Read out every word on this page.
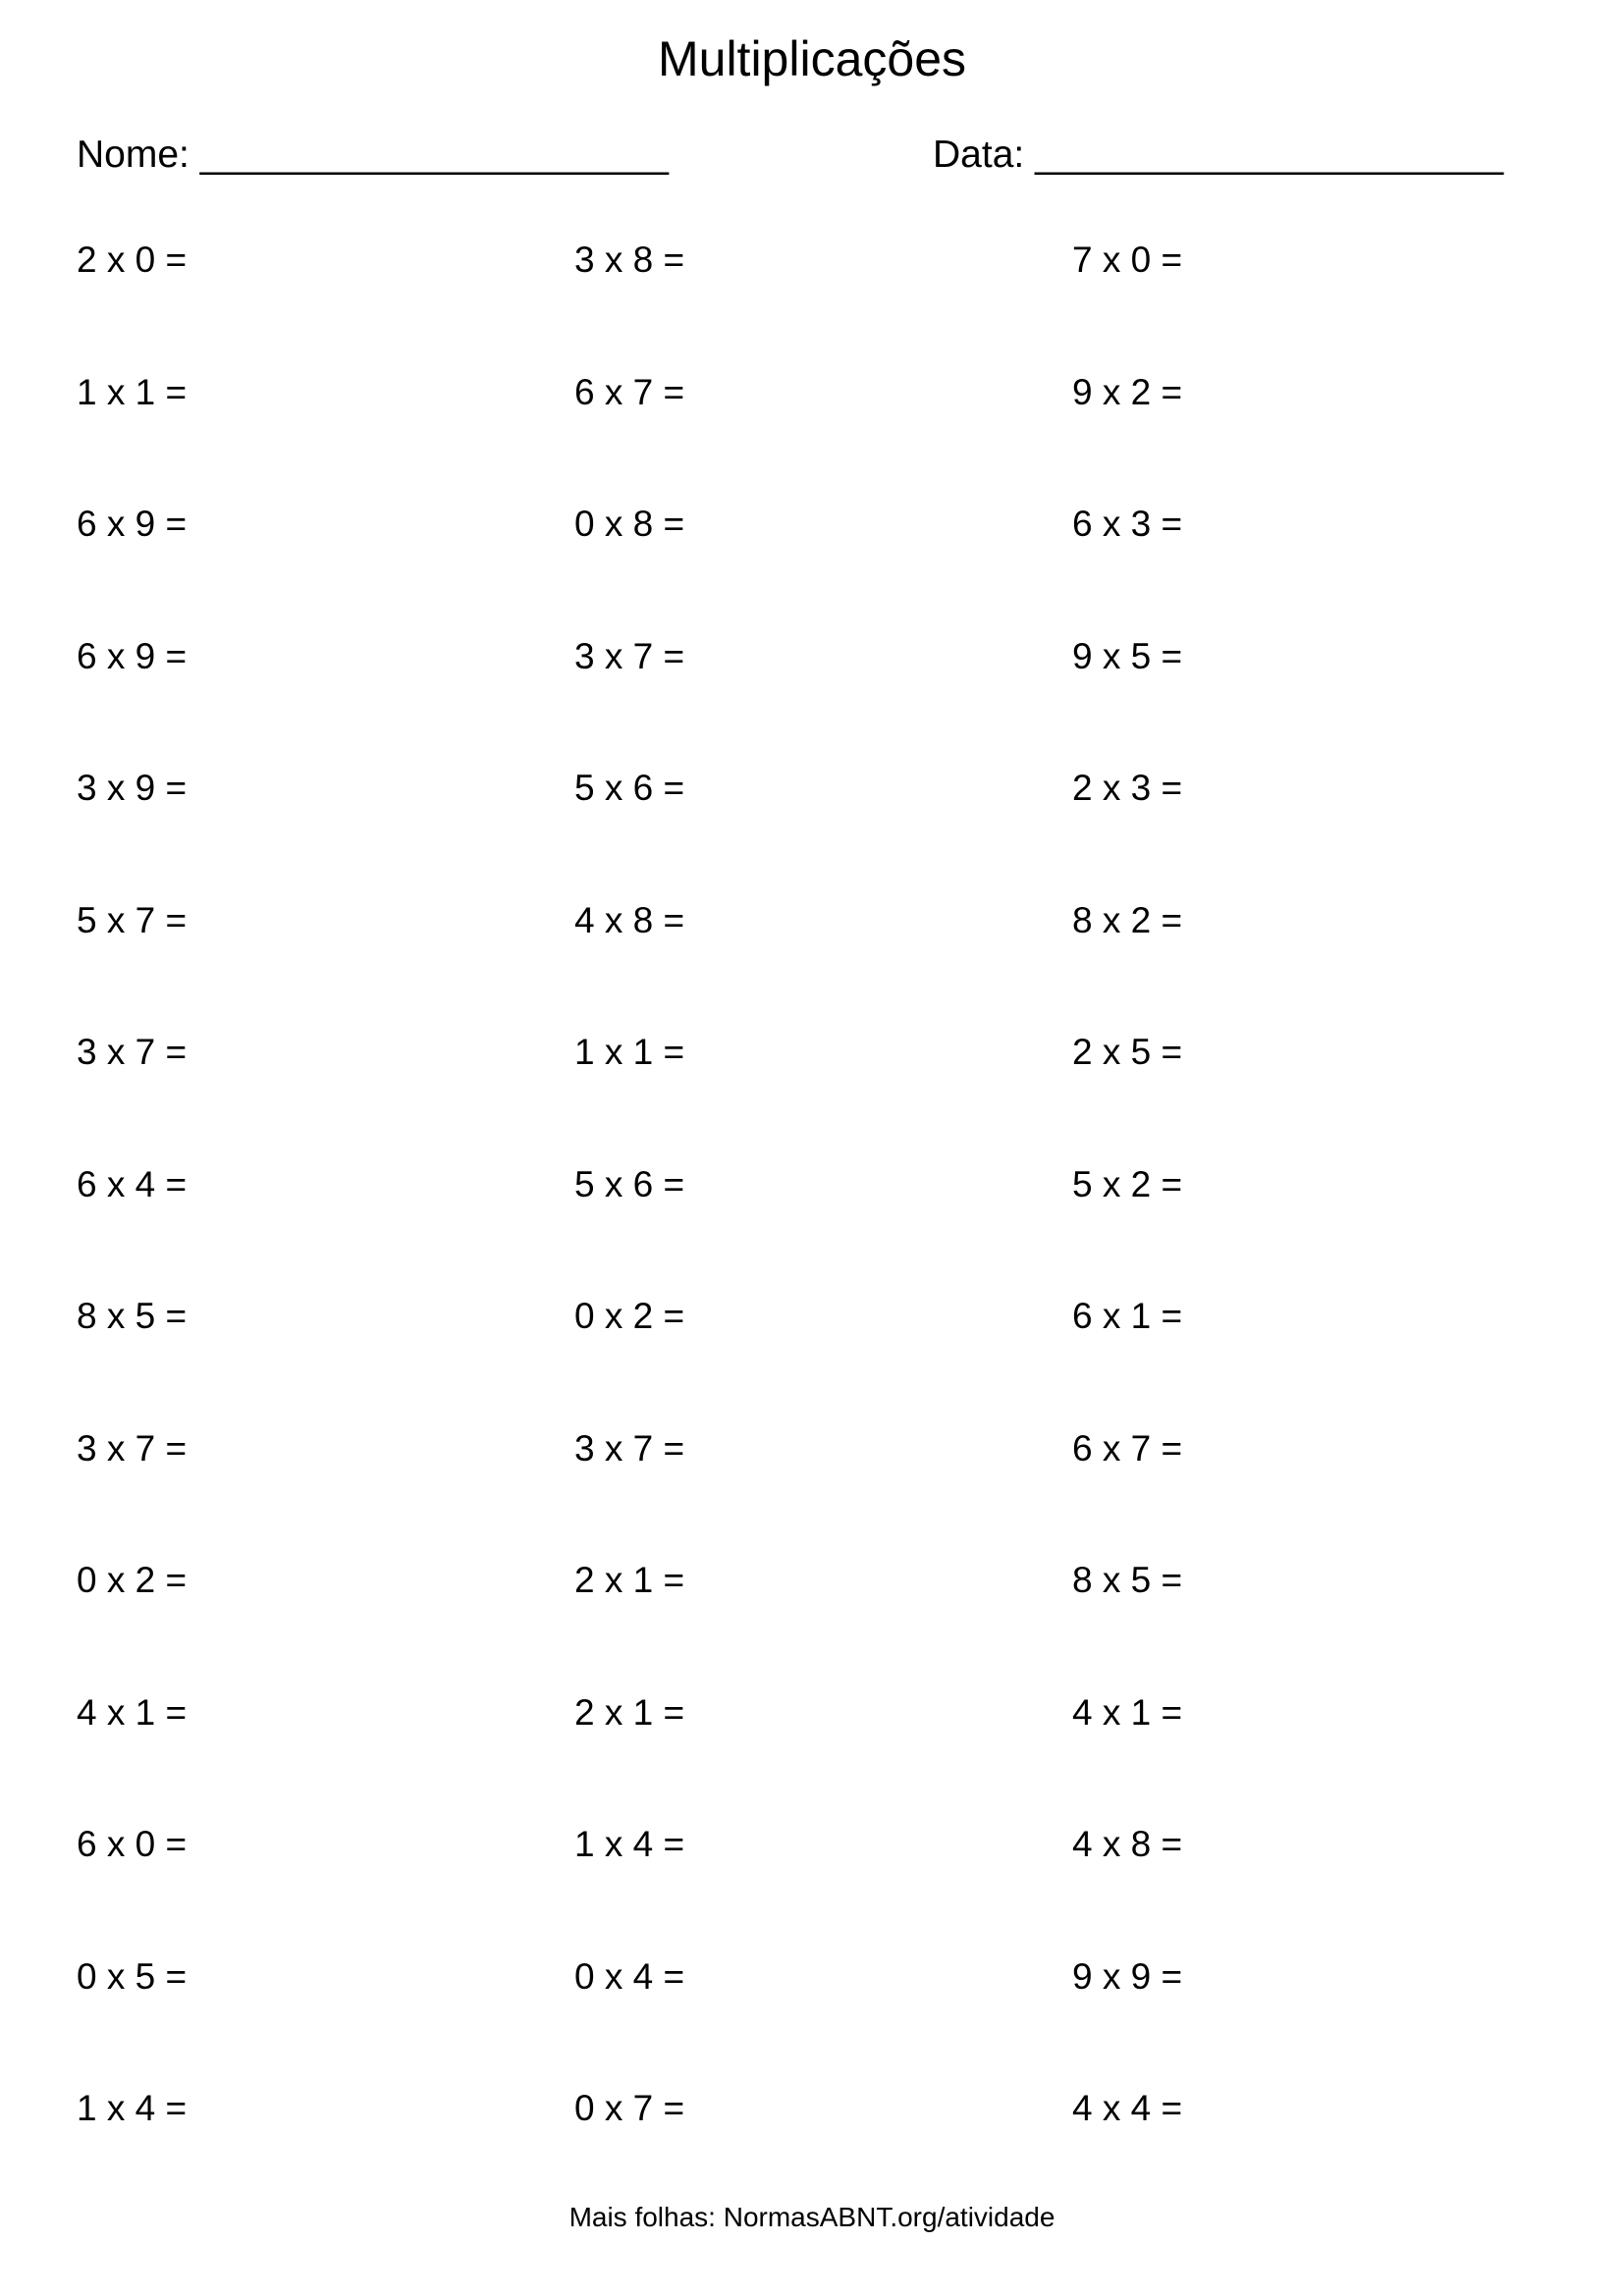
Multiplicações
Nome: ______________________	Data: ______________________
2 x 0 =	3 x 8 =	7 x 0 =
1 x 1 =	6 x 7 =	9 x 2 =
6 x 9 =	0 x 8 =	6 x 3 =
6 x 9 =	3 x 7 =	9 x 5 =
3 x 9 =	5 x 6 =	2 x 3 =
5 x 7 =	4 x 8 =	8 x 2 =
3 x 7 =	1 x 1 =	2 x 5 =
6 x 4 =	5 x 6 =	5 x 2 =
8 x 5 =	0 x 2 =	6 x 1 =
3 x 7 =	3 x 7 =	6 x 7 =
0 x 2 =	2 x 1 =	8 x 5 =
4 x 1 =	2 x 1 =	4 x 1 =
6 x 0 =	1 x 4 =	4 x 8 =
0 x 5 =	0 x 4 =	9 x 9 =
1 x 4 =	0 x 7 =	4 x 4 =
Mais folhas: NormasABNT.org/atividade
